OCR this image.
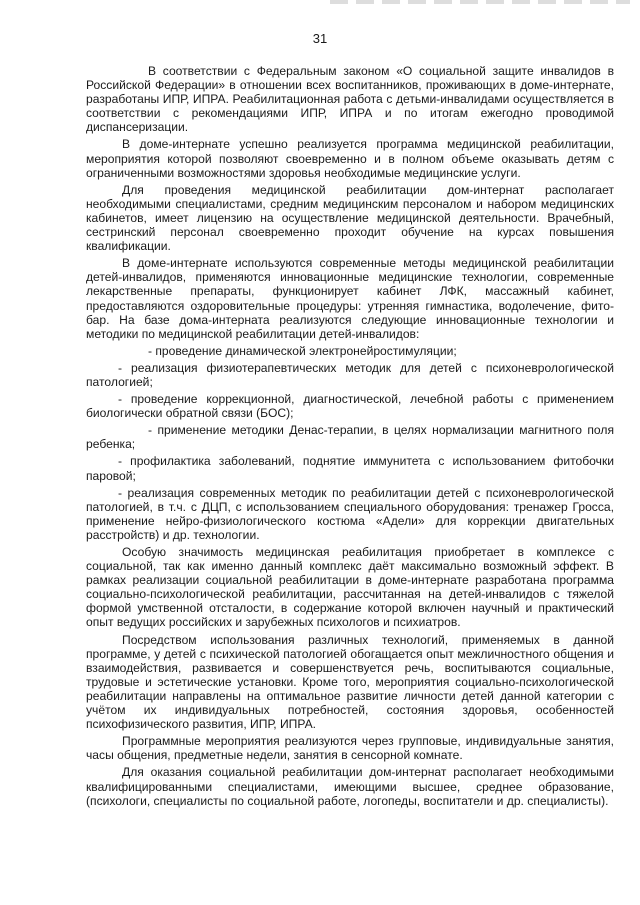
31

В соответствии с Федеральным законом «О социальной защите инвалидов в Российской Федерации» в отношении всех воспитанников, проживающих в доме-интернате, разработаны ИПР, ИПРА. Реабилитационная работа с детьми-инвалидами осуществляется в соответствии с рекомендациями ИПР, ИПРА и по итогам ежегодно проводимой диспансеризации.

В доме-интернате успешно реализуется программа медицинской реабилитации, мероприятия которой позволяют своевременно и в полном объеме оказывать детям с ограниченными возможностями здоровья необходимые медицинские услуги.

Для проведения медицинской реабилитации дом-интернат располагает необходимыми специалистами, средним медицинским персоналом и набором медицинских кабинетов, имеет лицензию на осуществление медицинской деятельности. Врачебный, сестринский персонал своевременно проходит обучение на курсах повышения квалификации.

В доме-интернате используются современные методы медицинской реабилитации детей-инвалидов, применяются инновационные медицинские технологии, современные лекарственные препараты, функционирует кабинет ЛФК, массажный кабинет, предоставляются оздоровительные процедуры: утренняя гимнастика, водолечение, фито-бар. На базе дома-интерната реализуются следующие инновационные технологии и методики по медицинской реабилитации детей-инвалидов:

- проведение динамической электронейростимуляции;

- реализация физиотерапевтических методик для детей с психоневрологической патологией;

- проведение коррекционной, диагностической, лечебной работы с применением биологически обратной связи (БОС);

- применение методики Денас-терапии, в целях нормализации магнитного поля ребенка;

- профилактика заболеваний, поднятие иммунитета с использованием фитобочки паровой;

- реализация современных методик по реабилитации детей с психоневрологической патологией, в т.ч. с ДЦП, с использованием специального оборудования: тренажер Гросса, применение нейро-физиологического костюма «Адели» для коррекции двигательных расстройств) и др. технологии.

Особую значимость медицинская реабилитация приобретает в комплексе с социальной, так как именно данный комплекс даёт максимально возможный эффект. В рамках реализации социальной реабилитации в доме-интернате разработана программа социально-психологической реабилитации, рассчитанная на детей-инвалидов с тяжелой формой умственной отсталости, в содержание которой включен научный и практический опыт ведущих российских и зарубежных психологов и психиатров.

Посредством использования различных технологий, применяемых в данной программе, у детей с психической патологией обогащается опыт межличностного общения и взаимодействия, развивается и совершенствуется речь, воспитываются социальные, трудовые и эстетические установки. Кроме того, мероприятия социально-психологической реабилитации направлены на оптимальное развитие личности детей данной категории с учётом их индивидуальных потребностей, состояния здоровья, особенностей психофизического развития, ИПР, ИПРА.

Программные мероприятия реализуются через групповые, индивидуальные занятия, часы общения, предметные недели, занятия в сенсорной комнате.

Для оказания социальной реабилитации дом-интернат располагает необходимыми квалифицированными специалистами, имеющими высшее, среднее образование, (психологи, специалисты по социальной работе, логопеды, воспитатели и др. специалисты).
